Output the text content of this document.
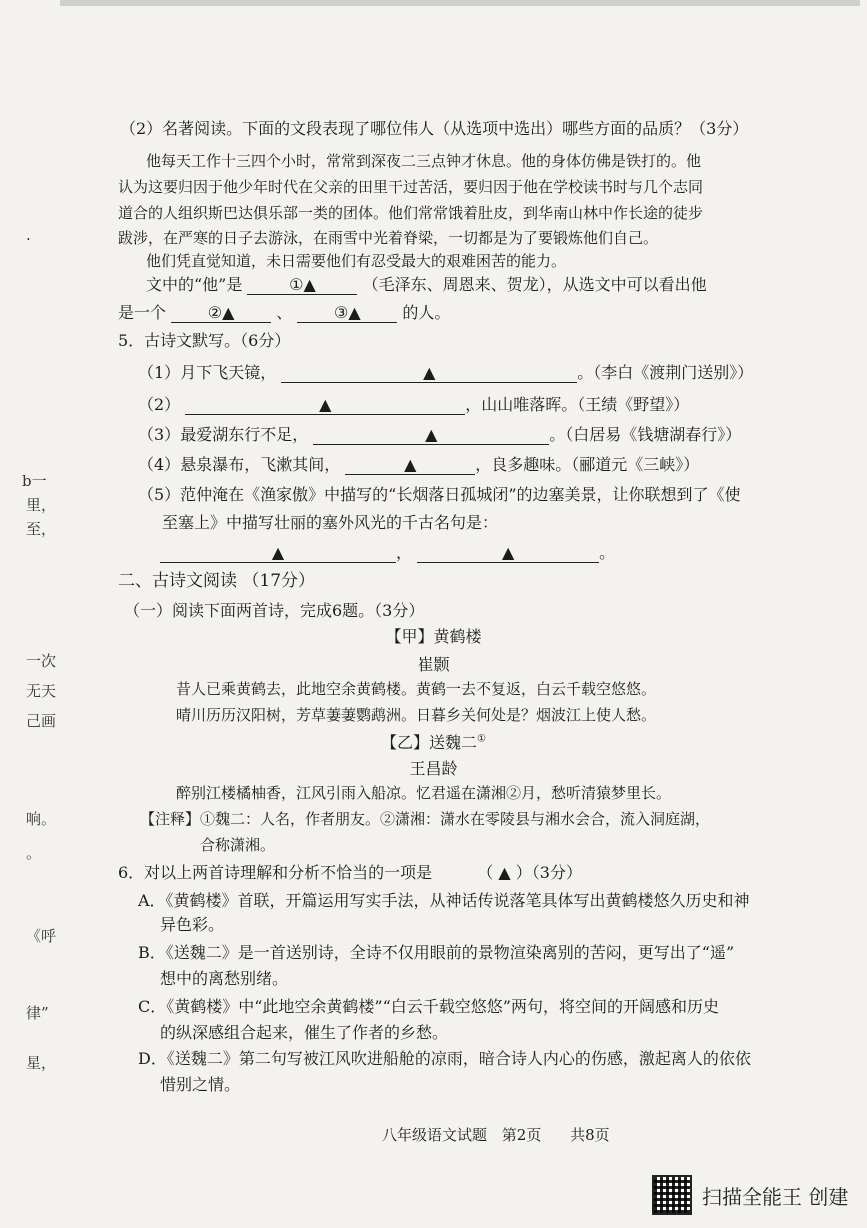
·
b一
里，
至，
一次
无天
己画
响。
。
《呼
律”
星，
（2）名著阅读。下面的文段表现了哪位伟人（从选项中选出）哪些方面的品质？（3分）
他每天工作十三四个小时，常常到深夜二三点钟才休息。他的身体仿佛是铁打的。他
认为这要归因于他少年时代在父亲的田里干过苦活，要归因于他在学校读书时与几个志同
道合的人组织斯巴达俱乐部一类的团体。他们常常饿着肚皮，到华南山林中作长途的徒步
跋涉，在严寒的日子去游泳，在雨雪中光着脊梁，一切都是为了要锻炼他们自己。
他们凭直觉知道，未日需要他们有忍受最大的艰难困苦的能力。
文中的“他”是	①▲	（毛泽东、周恩来、贺龙），从选文中可以看出他
是一个	②▲	、	③▲	的人。
5．古诗文默写。（6分）
（1）月下飞天镜，	▲	。（李白《渡荆门送别》）
（2）	▲	，山山唯落晖。（王绩《野望》）
（3）最爱湖东行不足，	▲	。（白居易《钱塘湖春行》）
（4）悬泉瀑布，飞漱其间，	▲	，良多趣味。（郦道元《三峡》）
（5）范仲淹在《渔家傲》中描写的“长烟落日孤城闭”的边塞美景，让你联想到了《使
至塞上》中描写壮丽的塞外风光的千古名句是：
▲	，	▲	。
二、古诗文阅读 （17分）
（一）阅读下面两首诗，完成6题。（3分）
【甲】黄鹤楼
崔颢
昔人已乘黄鹤去，此地空余黄鹤楼。黄鹤一去不复返，白云千载空悠悠。
晴川历历汉阳树，芳草萋萋鹦鹉洲。日暮乡关何处是？烟波江上使人愁。
【乙】送魏二①
王昌龄
醉别江楼橘柚香，江风引雨入船凉。忆君遥在潇湘②月，愁听清猿梦里长。
【注释】①魏二：人名，作者朋友。②潇湘：潇水在零陵县与湘水会合，流入洞庭湖，
合称潇湘。
6．对以上两首诗理解和分析不恰当的一项是	（ ▲ ）（3分）
A．《黄鹤楼》首联，开篇运用写实手法，从神话传说落笔具体写出黄鹤楼悠久历史和神
异色彩。
B．《送魏二》是一首送别诗，全诗不仅用眼前的景物渲染离别的苦闷，更写出了“遥”
想中的离愁别绪。
C．《黄鹤楼》中“此地空余黄鹤楼”“白云千载空悠悠”两句，将空间的开阔感和历史
的纵深感组合起来，催生了作者的乡愁。
D．《送魏二》第二句写被江风吹进船舱的凉雨，暗合诗人内心的伤感，激起离人的依依
惜别之情。
八年级语文试题 第2页 共8页
扫描全能王 创建
